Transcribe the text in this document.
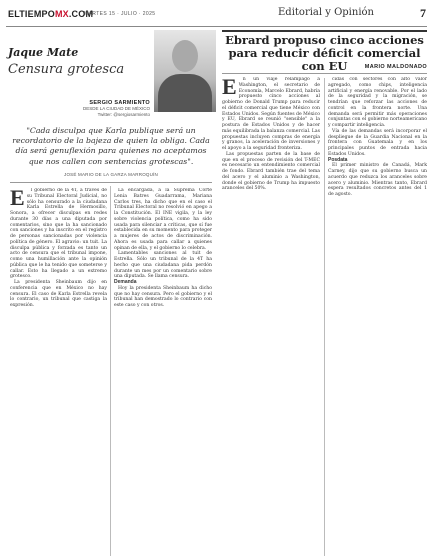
ELTIEMPOMX.COM
MARTES 15 · JULIO · 2025	Editorial y Opinión	7
Jaque Mate
Censura grotesca
SERGIO SARMIENTO
DESDE LA CIUDAD DE MÉXICO
Twitter: @sergiosarmiento
"Cada disculpa que Karla publique será un recordatorio de la bajeza de quien la obliga. Cada día será genuflexión para quienes no aceptamos que nos callen con sentencias grotescas".
JOSÉ MARIO DE LA GARZA MARROQUÍN
E	l gobierno de la 4T, a través de su Tribunal Electoral Judicial, no sólo ha censurado a la ciudadana Karla Estrella de Hermosillo, Sonora, a ofrecer disculpas en redes durante 30 días a una diputada por comentarios, sino que la ha sancionado con sanciones y ha inscrito en el registro de personas sancionadas por violencia política de género. El agravio: un tuit. La disculpa pública y forzada es tanto un acto de censura que el tribunal impone, como una humillación ante la opinión pública que le ha tenido que someterse y callar. Esto ha llegado a un extremo grotesco.

La presidenta Sheinbaum dijo en conferencia que en México no hay censura. El caso de Karla Estrella revela lo contrario, un tribunal que castiga la expresión.

La encargada, a la Suprema Corte Lenia Batres Guadarrama, Mariana Carlos tres, ha dicho que en el caso el Tribunal Electoral no resolvió en apego a la Constitución. El INE vigila, y la ley sobre violencia política, como ha sido usada para silenciar a críticas, que sí fue establecida en su momento para proteger a mujeres de actos de discriminación. Ahora es usada para callar a quienes opinan de ella, y el gobierno lo celebra.

Lamentables sanciones al tuit de Estrella. Sólo un tribunal de la 4T ha hecho que una ciudadana pida perdón durante un mes por un comentario sobre una diputada. Se llama censura.

Demanda

Hoy la presidenta Sheinbaum ha dicho que no hay censura. Pero el gobierno y el tribunal han demostrado lo contrario con este caso y con otros.

Ebrard propuso cinco acciones para reducir déficit comercial con EU	MARIO MALDONADO
E	n un viaje relámpago a Washington, el secretario de Economía, Marcelo Ebrard, habría propuesto cinco acciones al gobierno de Donald Trump para reducir el déficit comercial que tiene México con Estados Unidos. Según fuentes de México y EU, Ebrard se reunió "sensible" a la postura de Estados Unidos y de hacer más equilibrada la balanza comercial. Las propuestas incluyen compras de energía y granos, la aceleración de inversiones y el apoyo a la seguridad fronteriza.

Las propuestas parten de la base de que en el proceso de revisión del T-MEC es necesario un entendimiento comercial de fondo. Ebrard también trae del tema del acero y el aluminio a Washington, donde el gobierno de Trump ha impuesto aranceles del 50%.

cidas con sectores con alto valor agregado, como chips, inteligencia artificial y energía renovable. Por el lado de la seguridad y la migración, se tendrían que reforzar las acciones de control en la frontera norte. Una demanda será permitir más operaciones conjuntas con el gobierno norteamericano y compartir inteligencia.

Vía de las demandas será incorporar el despliegue de la Guardia Nacional en la frontera con Guatemala y en los principales puntos de entrada hacia Estados Unidos.

Posdata

El primer ministro de Canadá, Mark Carney, dijo que su gobierno busca un acuerdo que reduzca los aranceles sobre acero y aluminio. Mientras tanto, Ebrard espera resultados concretos antes del 1 de agosto.
